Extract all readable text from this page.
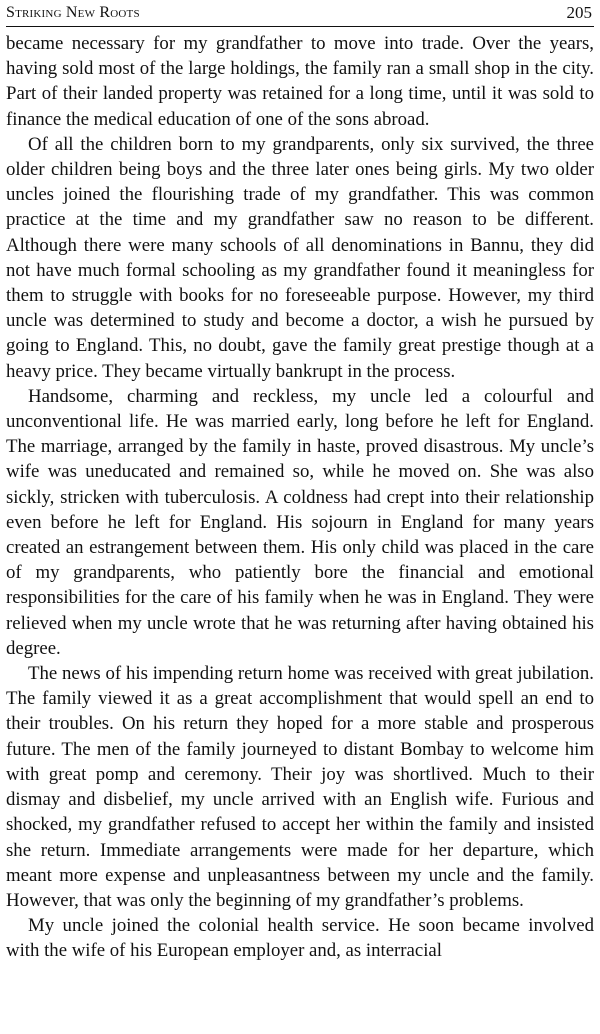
Striking New Roots	205

became necessary for my grandfather to move into trade. Over the years, having sold most of the large holdings, the family ran a small shop in the city. Part of their landed property was retained for a long time, until it was sold to finance the medical education of one of the sons abroad.

Of all the children born to my grandparents, only six survived, the three older children being boys and the three later ones being girls. My two older uncles joined the flourishing trade of my grandfather. This was common practice at the time and my grandfather saw no reason to be different. Although there were many schools of all denominations in Bannu, they did not have much formal schooling as my grandfather found it meaningless for them to struggle with books for no foreseeable purpose. However, my third uncle was determined to study and become a doctor, a wish he pursued by going to England. This, no doubt, gave the family great prestige though at a heavy price. They became virtually bankrupt in the process.

Handsome, charming and reckless, my uncle led a colourful and unconventional life. He was married early, long before he left for England. The marriage, arranged by the family in haste, proved disastrous. My uncle’s wife was uneducated and remained so, while he moved on. She was also sickly, stricken with tuberculosis. A coldness had crept into their relationship even before he left for England. His sojourn in England for many years created an estrangement between them. His only child was placed in the care of my grandparents, who patiently bore the financial and emotional responsibilities for the care of his family when he was in England. They were relieved when my uncle wrote that he was returning after having obtained his degree.

The news of his impending return home was received with great jubilation. The family viewed it as a great accomplishment that would spell an end to their troubles. On his return they hoped for a more stable and prosperous future. The men of the family journeyed to distant Bombay to welcome him with great pomp and ceremony. Their joy was shortlived. Much to their dismay and disbelief, my uncle arrived with an English wife. Furious and shocked, my grandfather refused to accept her within the family and insisted she return. Immediate arrangements were made for her departure, which meant more expense and unpleasantness between my uncle and the family. However, that was only the beginning of my grandfather’s problems.

My uncle joined the colonial health service. He soon became involved with the wife of his European employer and, as interracial
